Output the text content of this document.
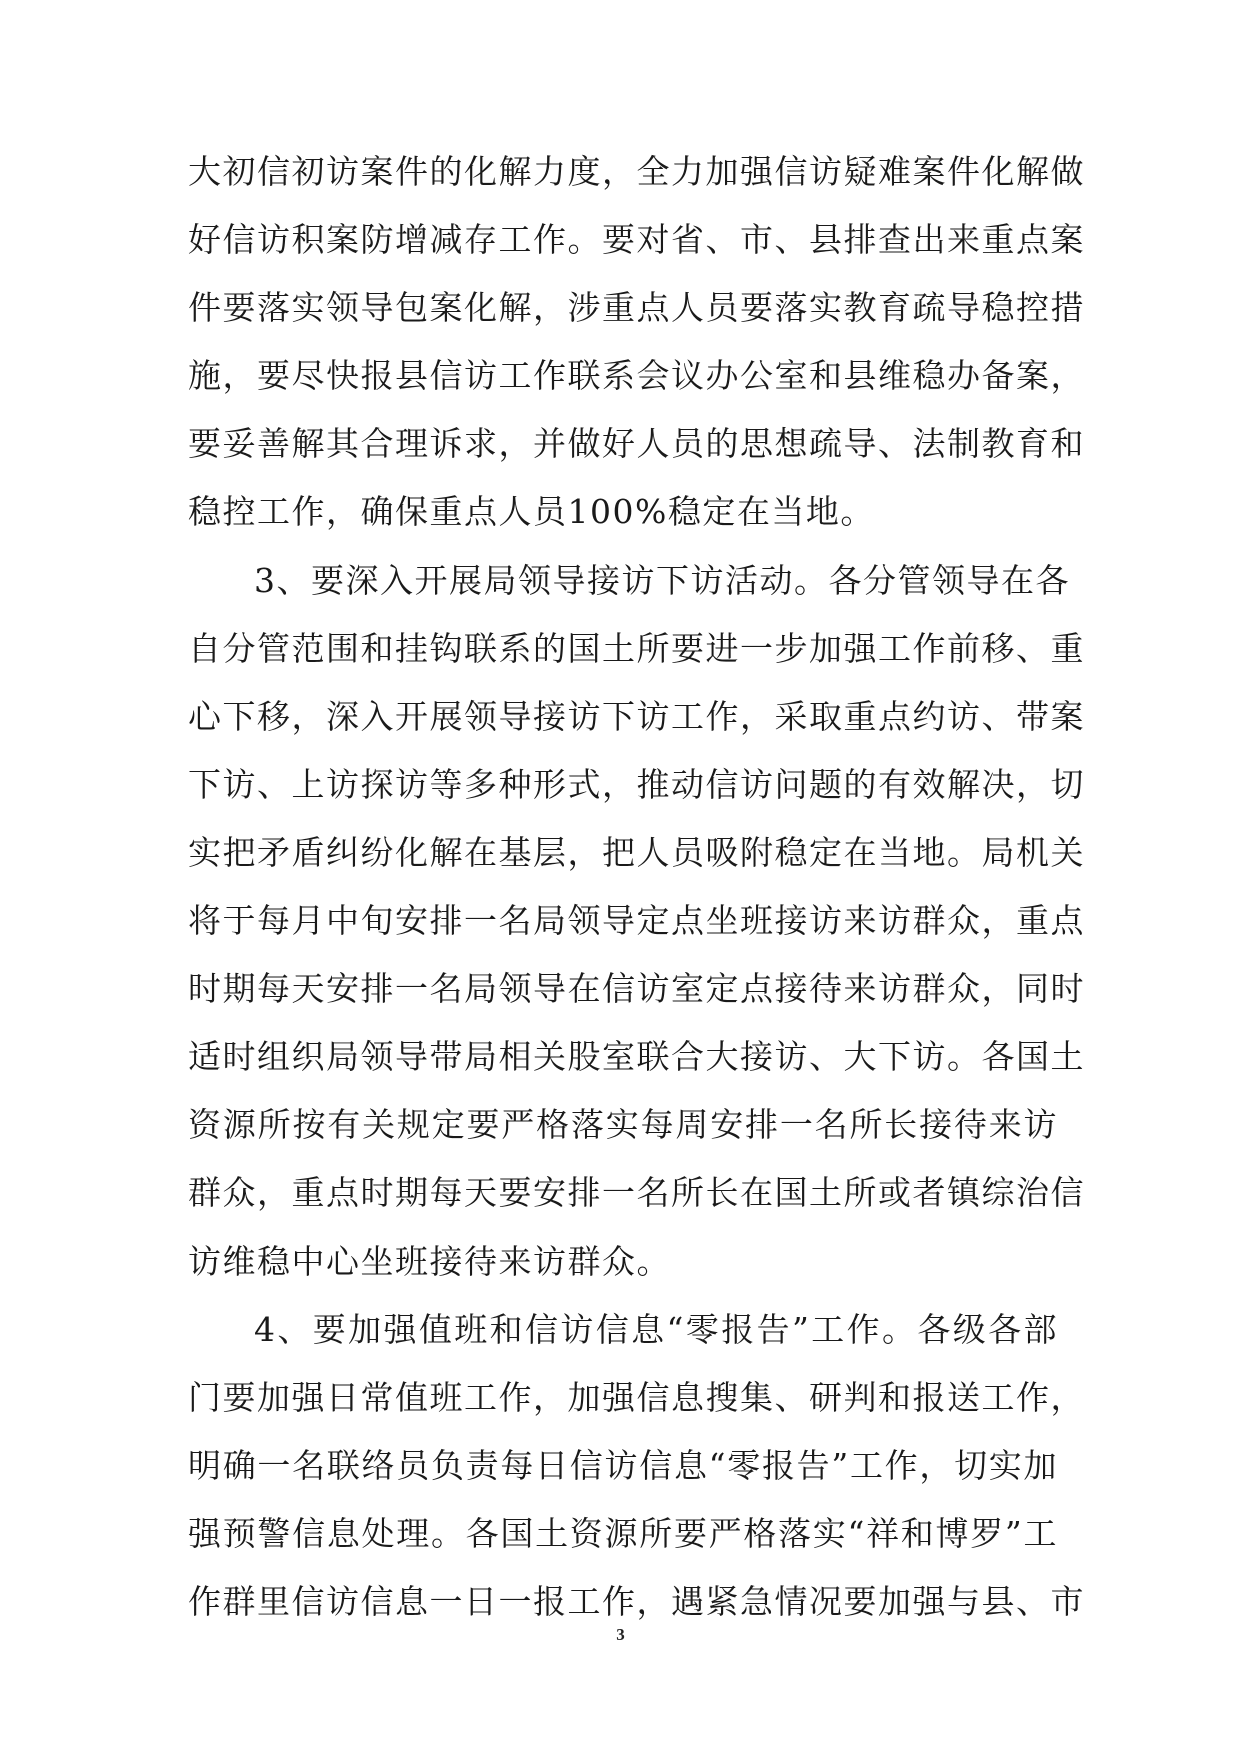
大初信初访案件的化解力度，全力加强信访疑难案件化解做
好信访积案防增减存工作。要对省、市、县排查出来重点案
件要落实领导包案化解，涉重点人员要落实教育疏导稳控措
施，要尽快报县信访工作联系会议办公室和县维稳办备案，
要妥善解其合理诉求，并做好人员的思想疏导、法制教育和
稳控工作，确保重点人员100%稳定在当地。
3、要深入开展局领导接访下访活动。各分管领导在各
自分管范围和挂钩联系的国土所要进一步加强工作前移、重
心下移，深入开展领导接访下访工作，采取重点约访、带案
下访、上访探访等多种形式，推动信访问题的有效解决，切
实把矛盾纠纷化解在基层，把人员吸附稳定在当地。局机关
将于每月中旬安排一名局领导定点坐班接访来访群众，重点
时期每天安排一名局领导在信访室定点接待来访群众，同时
适时组织局领导带局相关股室联合大接访、大下访。各国土
资源所按有关规定要严格落实每周安排一名所长接待来访
群众，重点时期每天要安排一名所长在国土所或者镇综治信
访维稳中心坐班接待来访群众。
4、要加强值班和信访信息“零报告”工作。各级各部
门要加强日常值班工作，加强信息搜集、研判和报送工作，
明确一名联络员负责每日信访信息“零报告”工作，切实加
强预警信息处理。各国土资源所要严格落实“祥和博罗”工
作群里信访信息一日一报工作，遇紧急情况要加强与县、市
3
